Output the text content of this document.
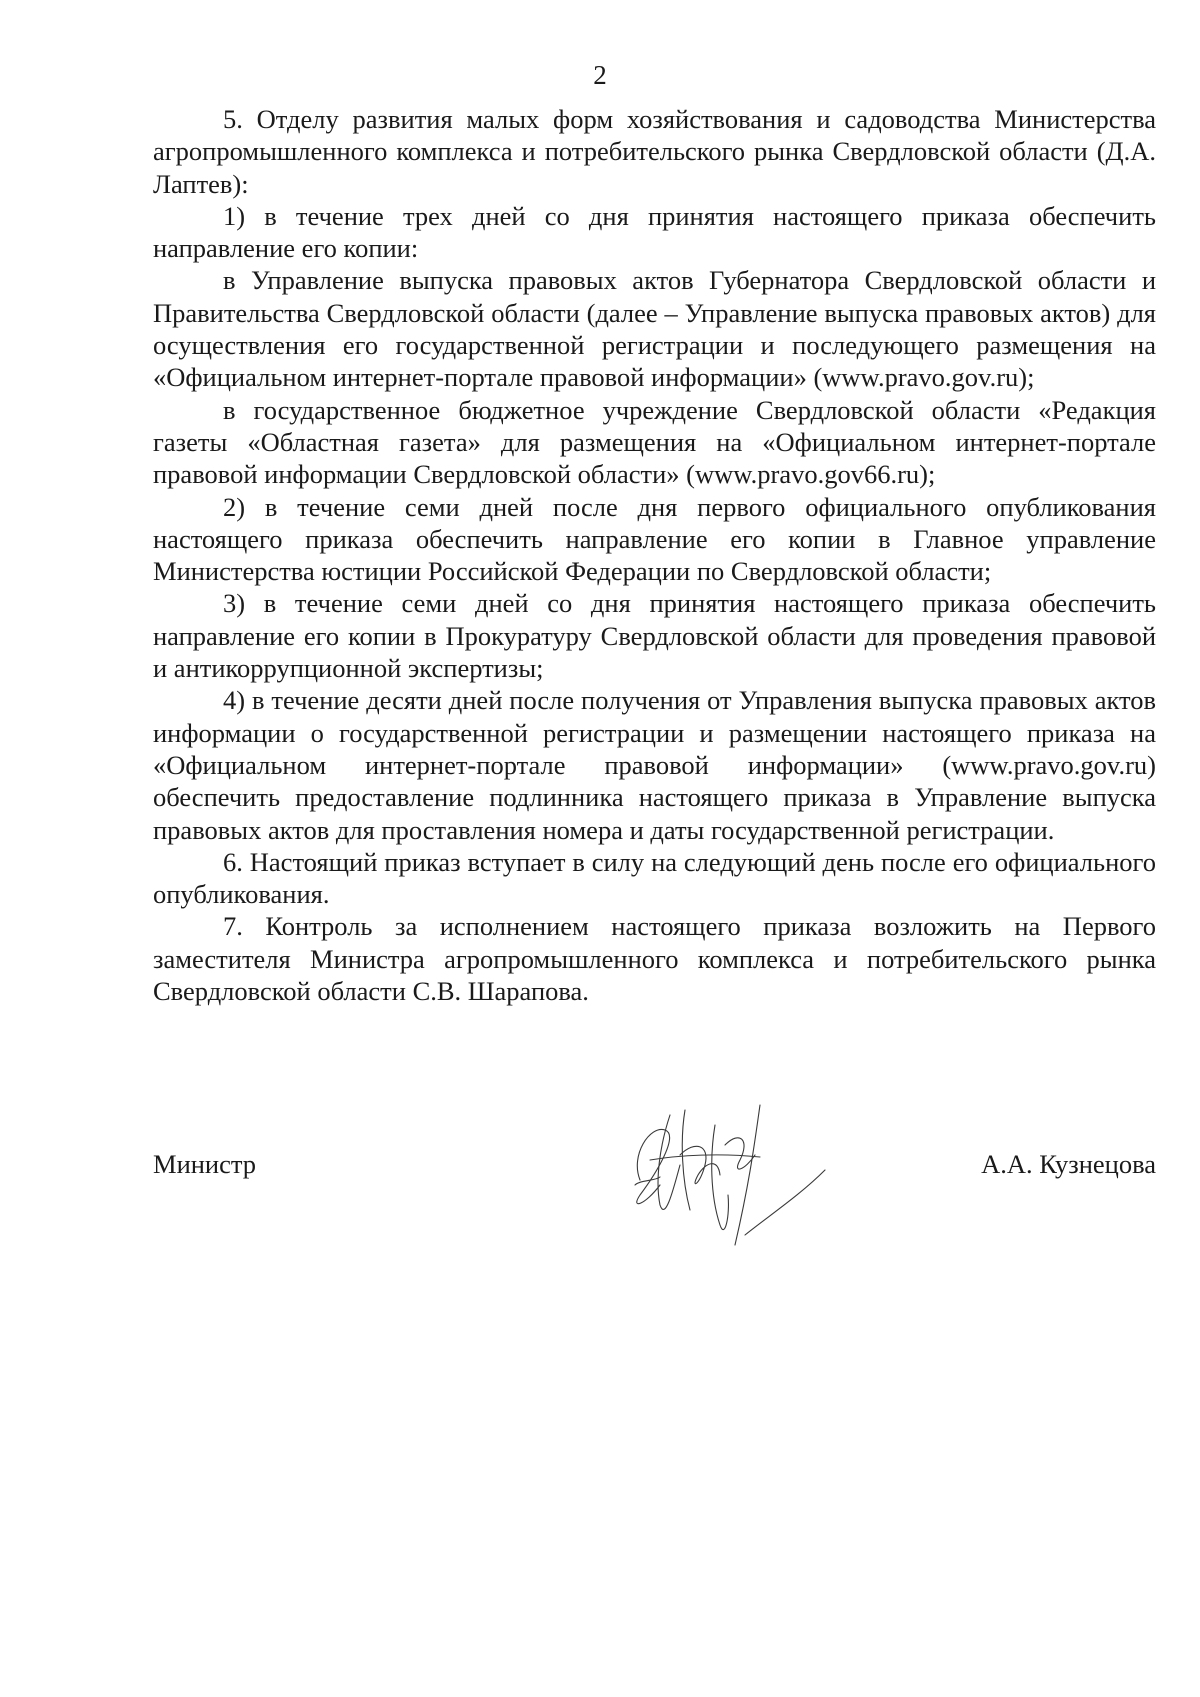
2

5. Отделу развития малых форм хозяйствования и садоводства Министерства агропромышленного комплекса и потребительского рынка Свердловской области (Д.А. Лаптев):

1) в течение трех дней со дня принятия настоящего приказа обеспечить направление его копии:

в Управление выпуска правовых актов Губернатора Свердловской области и Правительства Свердловской области (далее – Управление выпуска правовых актов) для осуществления его государственной регистрации и последующего размещения на «Официальном интернет-портале правовой информации» (www.pravo.gov.ru);

в государственное бюджетное учреждение Свердловской области «Редакция газеты «Областная газета» для размещения на «Официальном интернет-портале правовой информации Свердловской области» (www.pravo.gov66.ru);

2) в течение семи дней после дня первого официального опубликования настоящего приказа обеспечить направление его копии в Главное управление Министерства юстиции Российской Федерации по Свердловской области;

3) в течение семи дней со дня принятия настоящего приказа обеспечить направление его копии в Прокуратуру Свердловской области для проведения правовой и антикоррупционной экспертизы;

4) в течение десяти дней после получения от Управления выпуска правовых актов информации о государственной регистрации и размещении настоящего приказа на «Официальном интернет-портале правовой информации» (www.pravo.gov.ru) обеспечить предоставление подлинника настоящего приказа в Управление выпуска правовых актов для проставления номера и даты государственной регистрации.

6. Настоящий приказ вступает в силу на следующий день после его официального опубликования.

7. Контроль за исполнением настоящего приказа возложить на Первого заместителя Министра агропромышленного комплекса и потребительского рынка Свердловской области С.В. Шарапова.

Министр	А.А. Кузнецова
